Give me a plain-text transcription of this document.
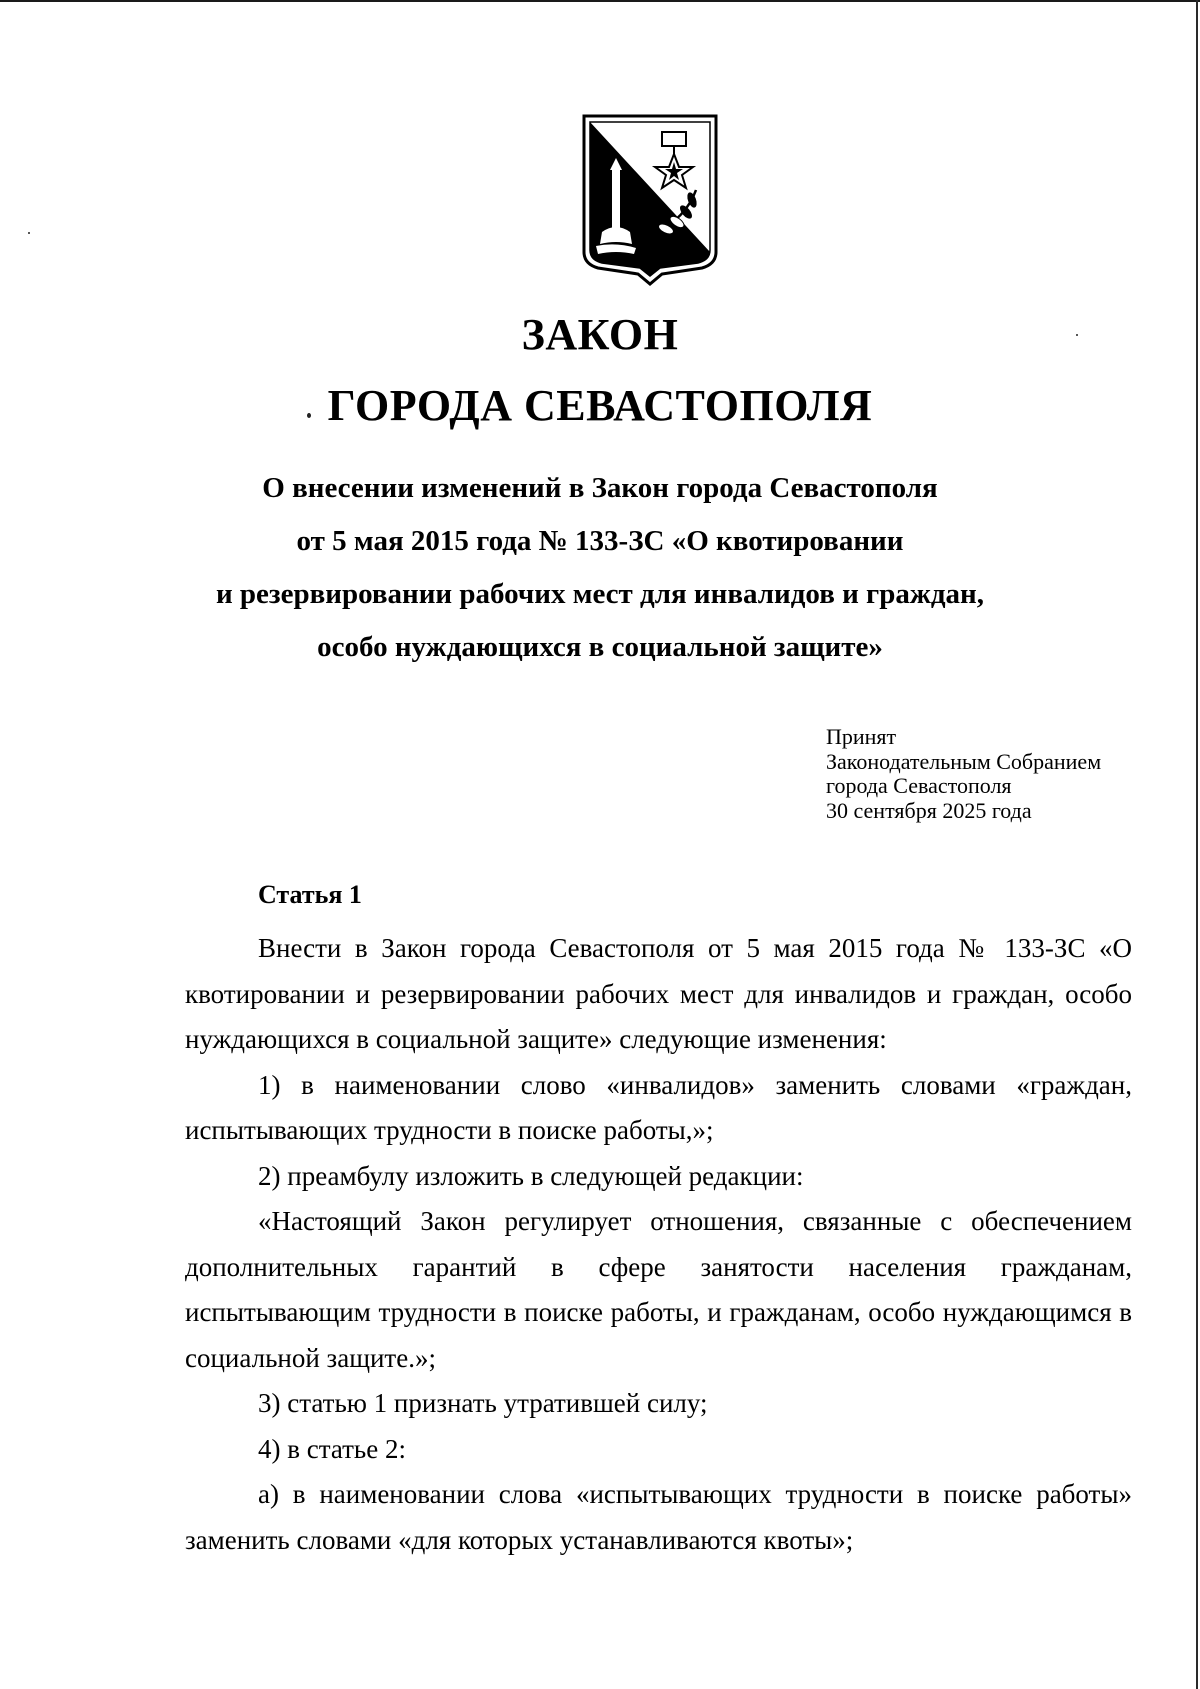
ЗАКОН
ГОРОДА СЕВАСТОПОЛЯ
О внесении изменений в Закон города Севастополя
от 5 мая 2015 года № 133-ЗС «О квотировании
и резервировании рабочих мест для инвалидов и граждан,
особо нуждающихся в социальной защите»
Принят
Законодательным Собранием
города Севастополя
30 сентября 2025 года
Статья 1

Внести в Закон города Севастополя от 5 мая 2015 года № 133-ЗС «О квотировании и резервировании рабочих мест для инвалидов и граждан, особо нуждающихся в социальной защите» следующие изменения:

1) в наименовании слово «инвалидов» заменить словами «граждан, испытывающих трудности в поиске работы,»;

2) преамбулу изложить в следующей редакции:

«Настоящий Закон регулирует отношения, связанные с обеспечением дополнительных гарантий в сфере занятости населения гражданам, испытывающим трудности в поиске работы, и гражданам, особо нуждающимся в социальной защите.»;

3) статью 1 признать утратившей силу;

4) в статье 2:

а) в наименовании слова «испытывающих трудности в поиске работы» заменить словами «для которых устанавливаются квоты»;
